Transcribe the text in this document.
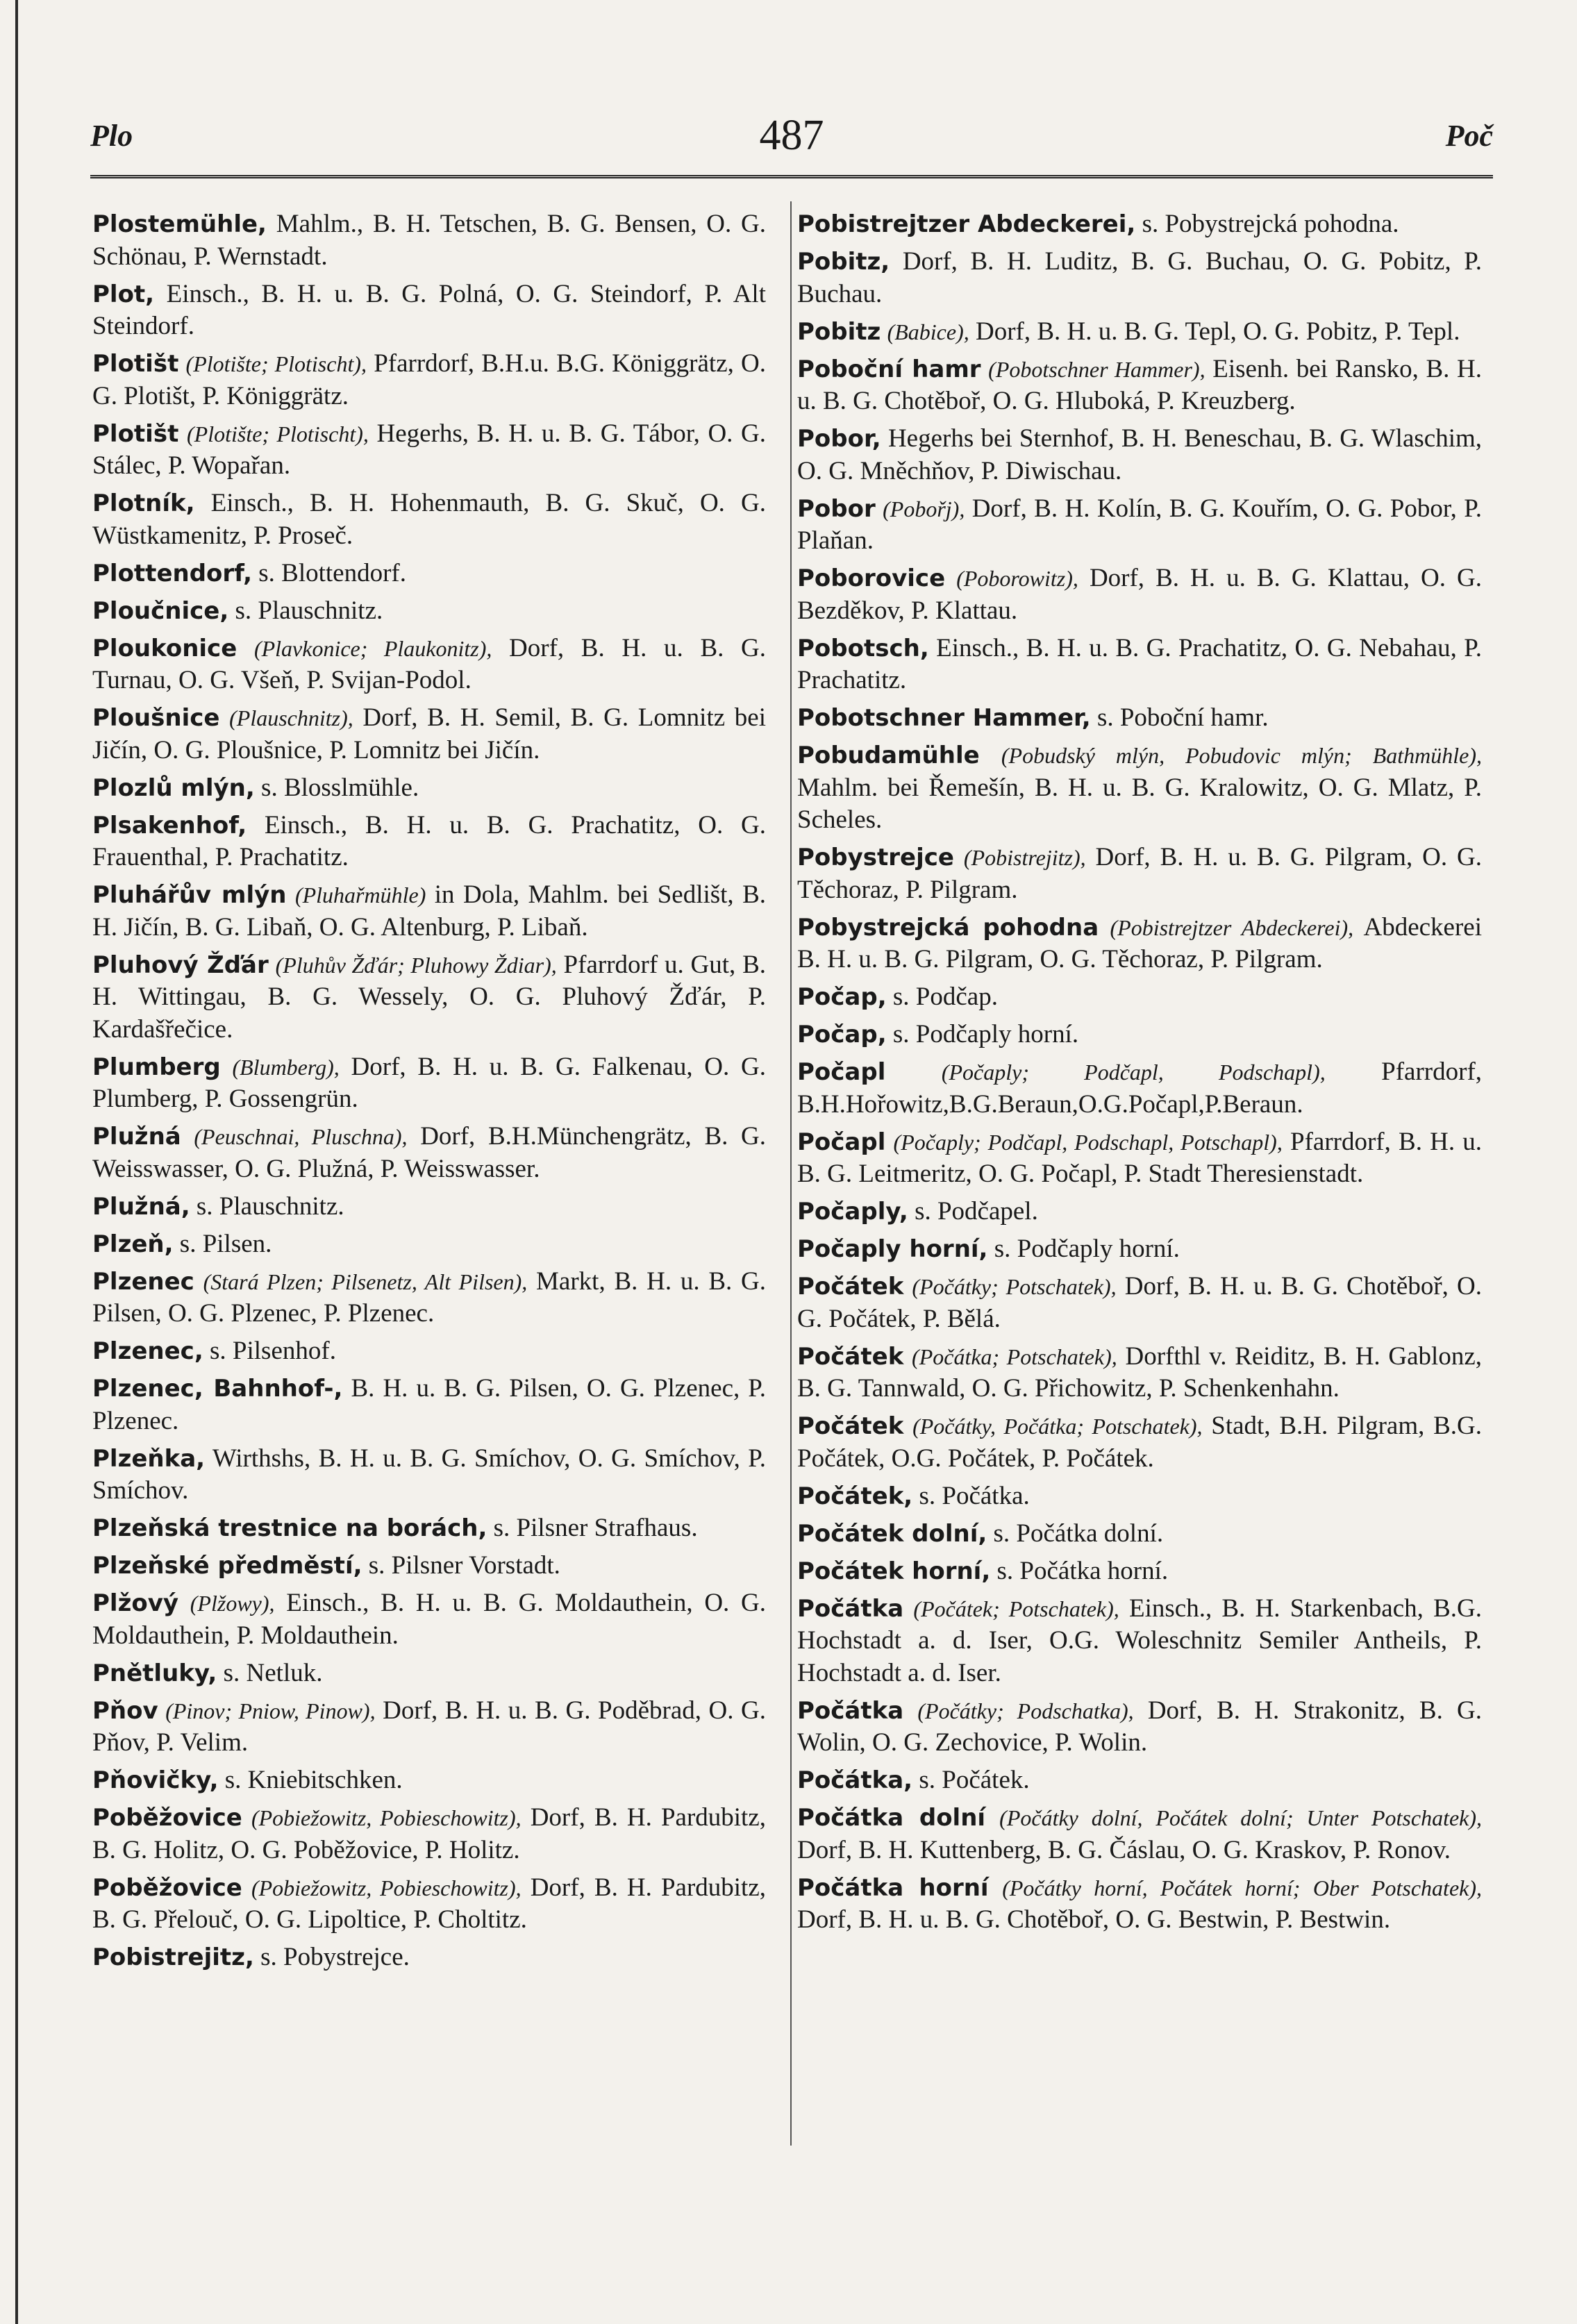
Plo	487	Poč

Plostemühle, Mahlm., B. H. Tetschen, B. G. Bensen, O. G. Schönau, P. Wernstadt.

Plot, Einsch., B. H. u. B. G. Polná, O. G. Steindorf, P. Alt Steindorf.

Plotišt (Plotište; Plotischt), Pfarrdorf, B.H.u. B.G. Königgrätz, O. G. Plotišt, P. Königgrätz.

Plotišt (Plotište; Plotischt), Hegerhs, B. H. u. B. G. Tábor, O. G. Stálec, P. Wopařan.

Plotník, Einsch., B. H. Hohenmauth, B. G. Skuč, O. G. Wüstkamenitz, P. Proseč.

Plottendorf, s. Blottendorf.

Ploučnice, s. Plauschnitz.

Ploukonice (Plavkonice; Plaukonitz), Dorf, B. H. u. B. G. Turnau, O. G. Všeň, P. Svijan-Podol.

Ploušnice (Plauschnitz), Dorf, B. H. Semil, B. G. Lomnitz bei Jičín, O. G. Ploušnice, P. Lomnitz bei Jičín.

Plozlů mlýn, s. Blosslmühle.

Plsakenhof, Einsch., B. H. u. B. G. Prachatitz, O. G. Frauenthal, P. Prachatitz.

Pluhářův mlýn (Pluhařmühle) in Dola, Mahlm. bei Sedlišt, B. H. Jičín, B. G. Libaň, O. G. Altenburg, P. Libaň.

Pluhový Žďár (Pluhův Žďár; Pluhowy Ždiar), Pfarrdorf u. Gut, B. H. Wittingau, B. G. Wessely, O. G. Pluhový Žďár, P. Kardašřečice.

Plumberg (Blumberg), Dorf, B. H. u. B. G. Falkenau, O. G. Plumberg, P. Gossengrün.

Plužná (Peuschnai, Pluschna), Dorf, B.H.Münchengrätz, B. G. Weisswasser, O. G. Plužná, P. Weisswasser.

Plužná, s. Plauschnitz.

Plzeň, s. Pilsen.

Plzenec (Stará Plzen; Pilsenetz, Alt Pilsen), Markt, B. H. u. B. G. Pilsen, O. G. Plzenec, P. Plzenec.

Plzenec, s. Pilsenhof.

Plzenec, Bahnhof-, B. H. u. B. G. Pilsen, O. G. Plzenec, P. Plzenec.

Plzeňka, Wirthshs, B. H. u. B. G. Smíchov, O. G. Smíchov, P. Smíchov.

Plzeňská trestnice na borách, s. Pilsner Strafhaus.

Plzeňské předměstí, s. Pilsner Vorstadt.

Plžový (Plžowy), Einsch., B. H. u. B. G. Moldauthein, O. G. Moldauthein, P. Moldauthein.

Pnětluky, s. Netluk.

Pňov (Pinov; Pniow, Pinow), Dorf, B. H. u. B. G. Poděbrad, O. G. Pňov, P. Velim.

Pňovičky, s. Kniebitschken.

Poběžovice (Pobiežowitz, Pobieschowitz), Dorf, B. H. Pardubitz, B. G. Holitz, O. G. Poběžovice, P. Holitz.

Poběžovice (Pobiežowitz, Pobieschowitz), Dorf, B. H. Pardubitz, B. G. Přelouč, O. G. Lipoltice, P. Choltitz.

Pobistrejitz, s. Pobystrejce.

Pobistrejtzer Abdeckerei, s. Pobystrejcká pohodna.

Pobitz, Dorf, B. H. Luditz, B. G. Buchau, O. G. Pobitz, P. Buchau.

Pobitz (Babice), Dorf, B. H. u. B. G. Tepl, O. G. Pobitz, P. Tepl.

Poboční hamr (Pobotschner Hammer), Eisenh. bei Ransko, B. H. u. B. G. Chotěboř, O. G. Hluboká, P. Kreuzberg.

Pobor, Hegerhs bei Sternhof, B. H. Beneschau, B. G. Wlaschim, O. G. Mněchňov, P. Diwischau.

Pobor (Pobořj), Dorf, B. H. Kolín, B. G. Kouřím, O. G. Pobor, P. Plaňan.

Poborovice (Poborowitz), Dorf, B. H. u. B. G. Klattau, O. G. Bezděkov, P. Klattau.

Pobotsch, Einsch., B. H. u. B. G. Prachatitz, O. G. Nebahau, P. Prachatitz.

Pobotschner Hammer, s. Poboční hamr.

Pobudamühle (Pobudský mlýn, Pobudovic mlýn; Bathmühle), Mahlm. bei Řemešín, B. H. u. B. G. Kralowitz, O. G. Mlatz, P. Scheles.

Pobystrejce (Pobistrejitz), Dorf, B. H. u. B. G. Pilgram, O. G. Těchoraz, P. Pilgram.

Pobystrejcká pohodna (Pobistrejtzer Abdeckerei), Abdeckerei B. H. u. B. G. Pilgram, O. G. Těchoraz, P. Pilgram.

Počap, s. Podčap.

Počap, s. Podčaply horní.

Počapl	(Počaply; Podčapl, Podschapl), Pfarrdorf, B.H.Hořowitz,B.G.Beraun,O.G.Počapl,P.Beraun.

Počapl (Počaply; Podčapl, Podschapl, Potschapl), Pfarrdorf, B. H. u. B. G. Leitmeritz, O. G. Počapl, P. Stadt Theresienstadt.

Počaply, s. Podčapel.

Počaply horní, s. Podčaply horní.

Počátek (Počátky; Potschatek), Dorf, B. H. u. B. G. Chotěboř, O. G. Počátek, P. Bělá.

Počátek (Počátka; Potschatek), Dorfthl v. Reiditz, B. H. Gablonz, B. G. Tannwald, O. G. Přichowitz, P. Schenkenhahn.

Počátek (Počátky, Počátka; Potschatek), Stadt, B.H. Pilgram, B.G. Počátek, O.G. Počátek, P. Počátek.

Počátek, s. Počátka.

Počátek dolní, s. Počátka dolní.

Počátek horní, s. Počátka horní.

Počátka (Počátek; Potschatek), Einsch., B. H. Starkenbach, B.G. Hochstadt a. d. Iser, O.G. Woleschnitz Semiler Antheils, P. Hochstadt a. d. Iser.

Počátka (Počátky; Podschatka), Dorf, B. H. Strakonitz, B. G. Wolin, O. G. Zechovice, P. Wolin.

Počátka, s. Počátek.

Počátka dolní (Počátky dolní, Počátek dolní; Unter Potschatek), Dorf, B. H. Kuttenberg, B. G. Čáslau, O. G. Kraskov, P. Ronov.

Počátka horní (Počátky horní, Počátek horní; Ober Potschatek), Dorf, B. H. u. B. G. Chotěboř, O. G. Bestwin, P. Bestwin.
